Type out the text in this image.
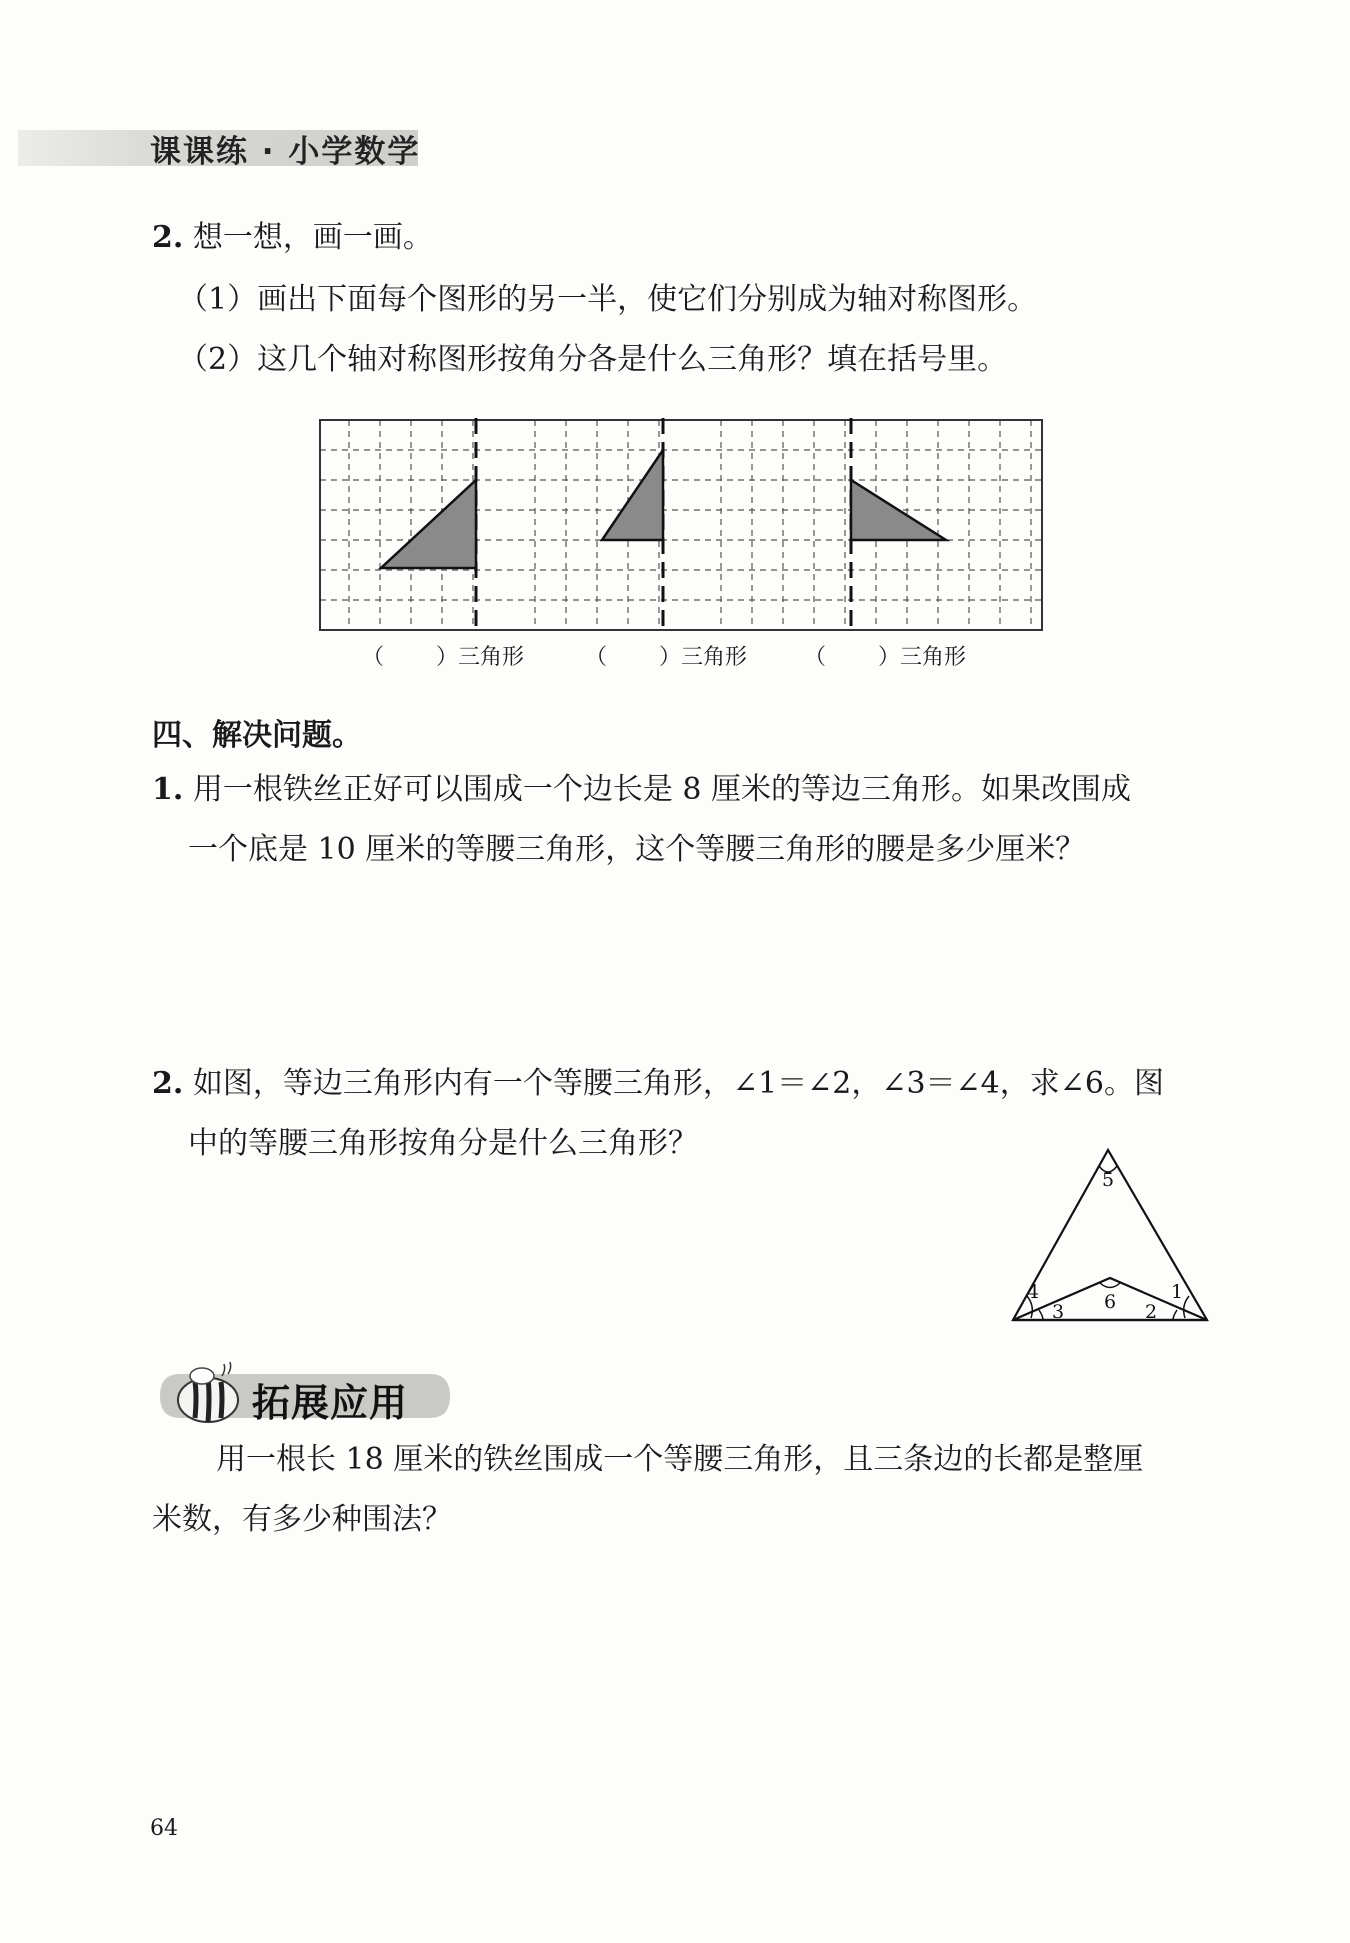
课课练 · 小学数学
2. 想一想，画一画。
（1）画出下面每个图形的另一半，使它们分别成为轴对称图形。
（2）这几个轴对称图形按角分各是什么三角形？填在括号里。
（ ）三角形	（ ）三角形	（ ）三角形
四、解决问题。
1. 用一根铁丝正好可以围成一个边长是 8 厘米的等边三角形。如果改围成
一个底是 10 厘米的等腰三角形，这个等腰三角形的腰是多少厘米？
2. 如图，等边三角形内有一个等腰三角形，∠1＝∠2，∠3＝∠4，求∠6。图
中的等腰三角形按角分是什么三角形？
5
4
3 6 2
1
拓展应用
用一根长 18 厘米的铁丝围成一个等腰三角形，且三条边的长都是整厘
米数，有多少种围法？
64
